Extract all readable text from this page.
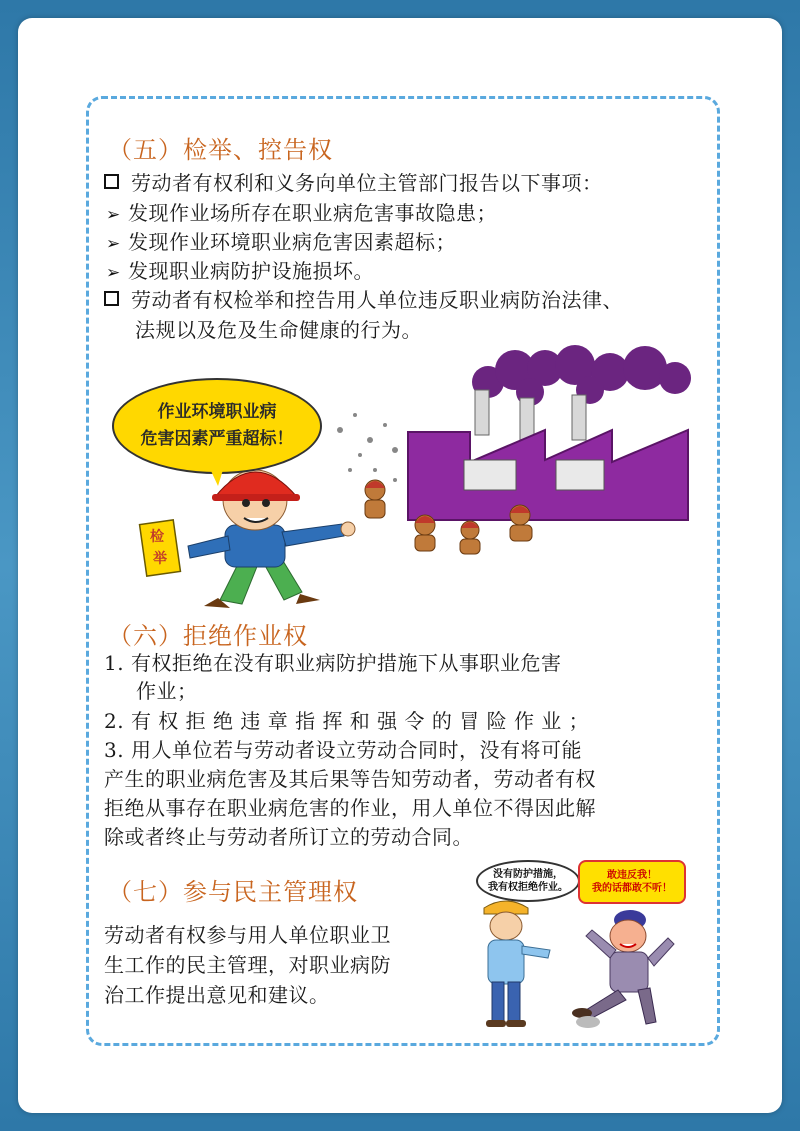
（五）检举、控告权
劳动者有权利和义务向单位主管部门报告以下事项：
➢ 发现作业场所存在职业病危害事故隐患；
➢ 发现作业环境职业病危害因素超标；
➢ 发现职业病防护设施损坏。
劳动者有权检举和控告用人单位违反职业病防治法律、
法规以及危及生命健康的行为。
作业环境职业病
危害因素严重超标！
检
举
（六）拒绝作业权
1. 有权拒绝在没有职业病防护措施下从事职业危害
作业；
2. 有 权 拒 绝 违 章 指 挥 和 强 令 的 冒 险 作 业 ；
3. 用人单位若与劳动者设立劳动合同时，没有将可能
产生的职业病危害及其后果等告知劳动者，劳动者有权
拒绝从事存在职业病危害的作业，用人单位不得因此解
除或者终止与劳动者所订立的劳动合同。
（七）参与民主管理权
劳动者有权参与用人单位职业卫
生工作的民主管理，对职业病防
治工作提出意见和建议。
没有防护措施，
我有权拒绝作业。
敢违反我！
我的话都敢不听！
